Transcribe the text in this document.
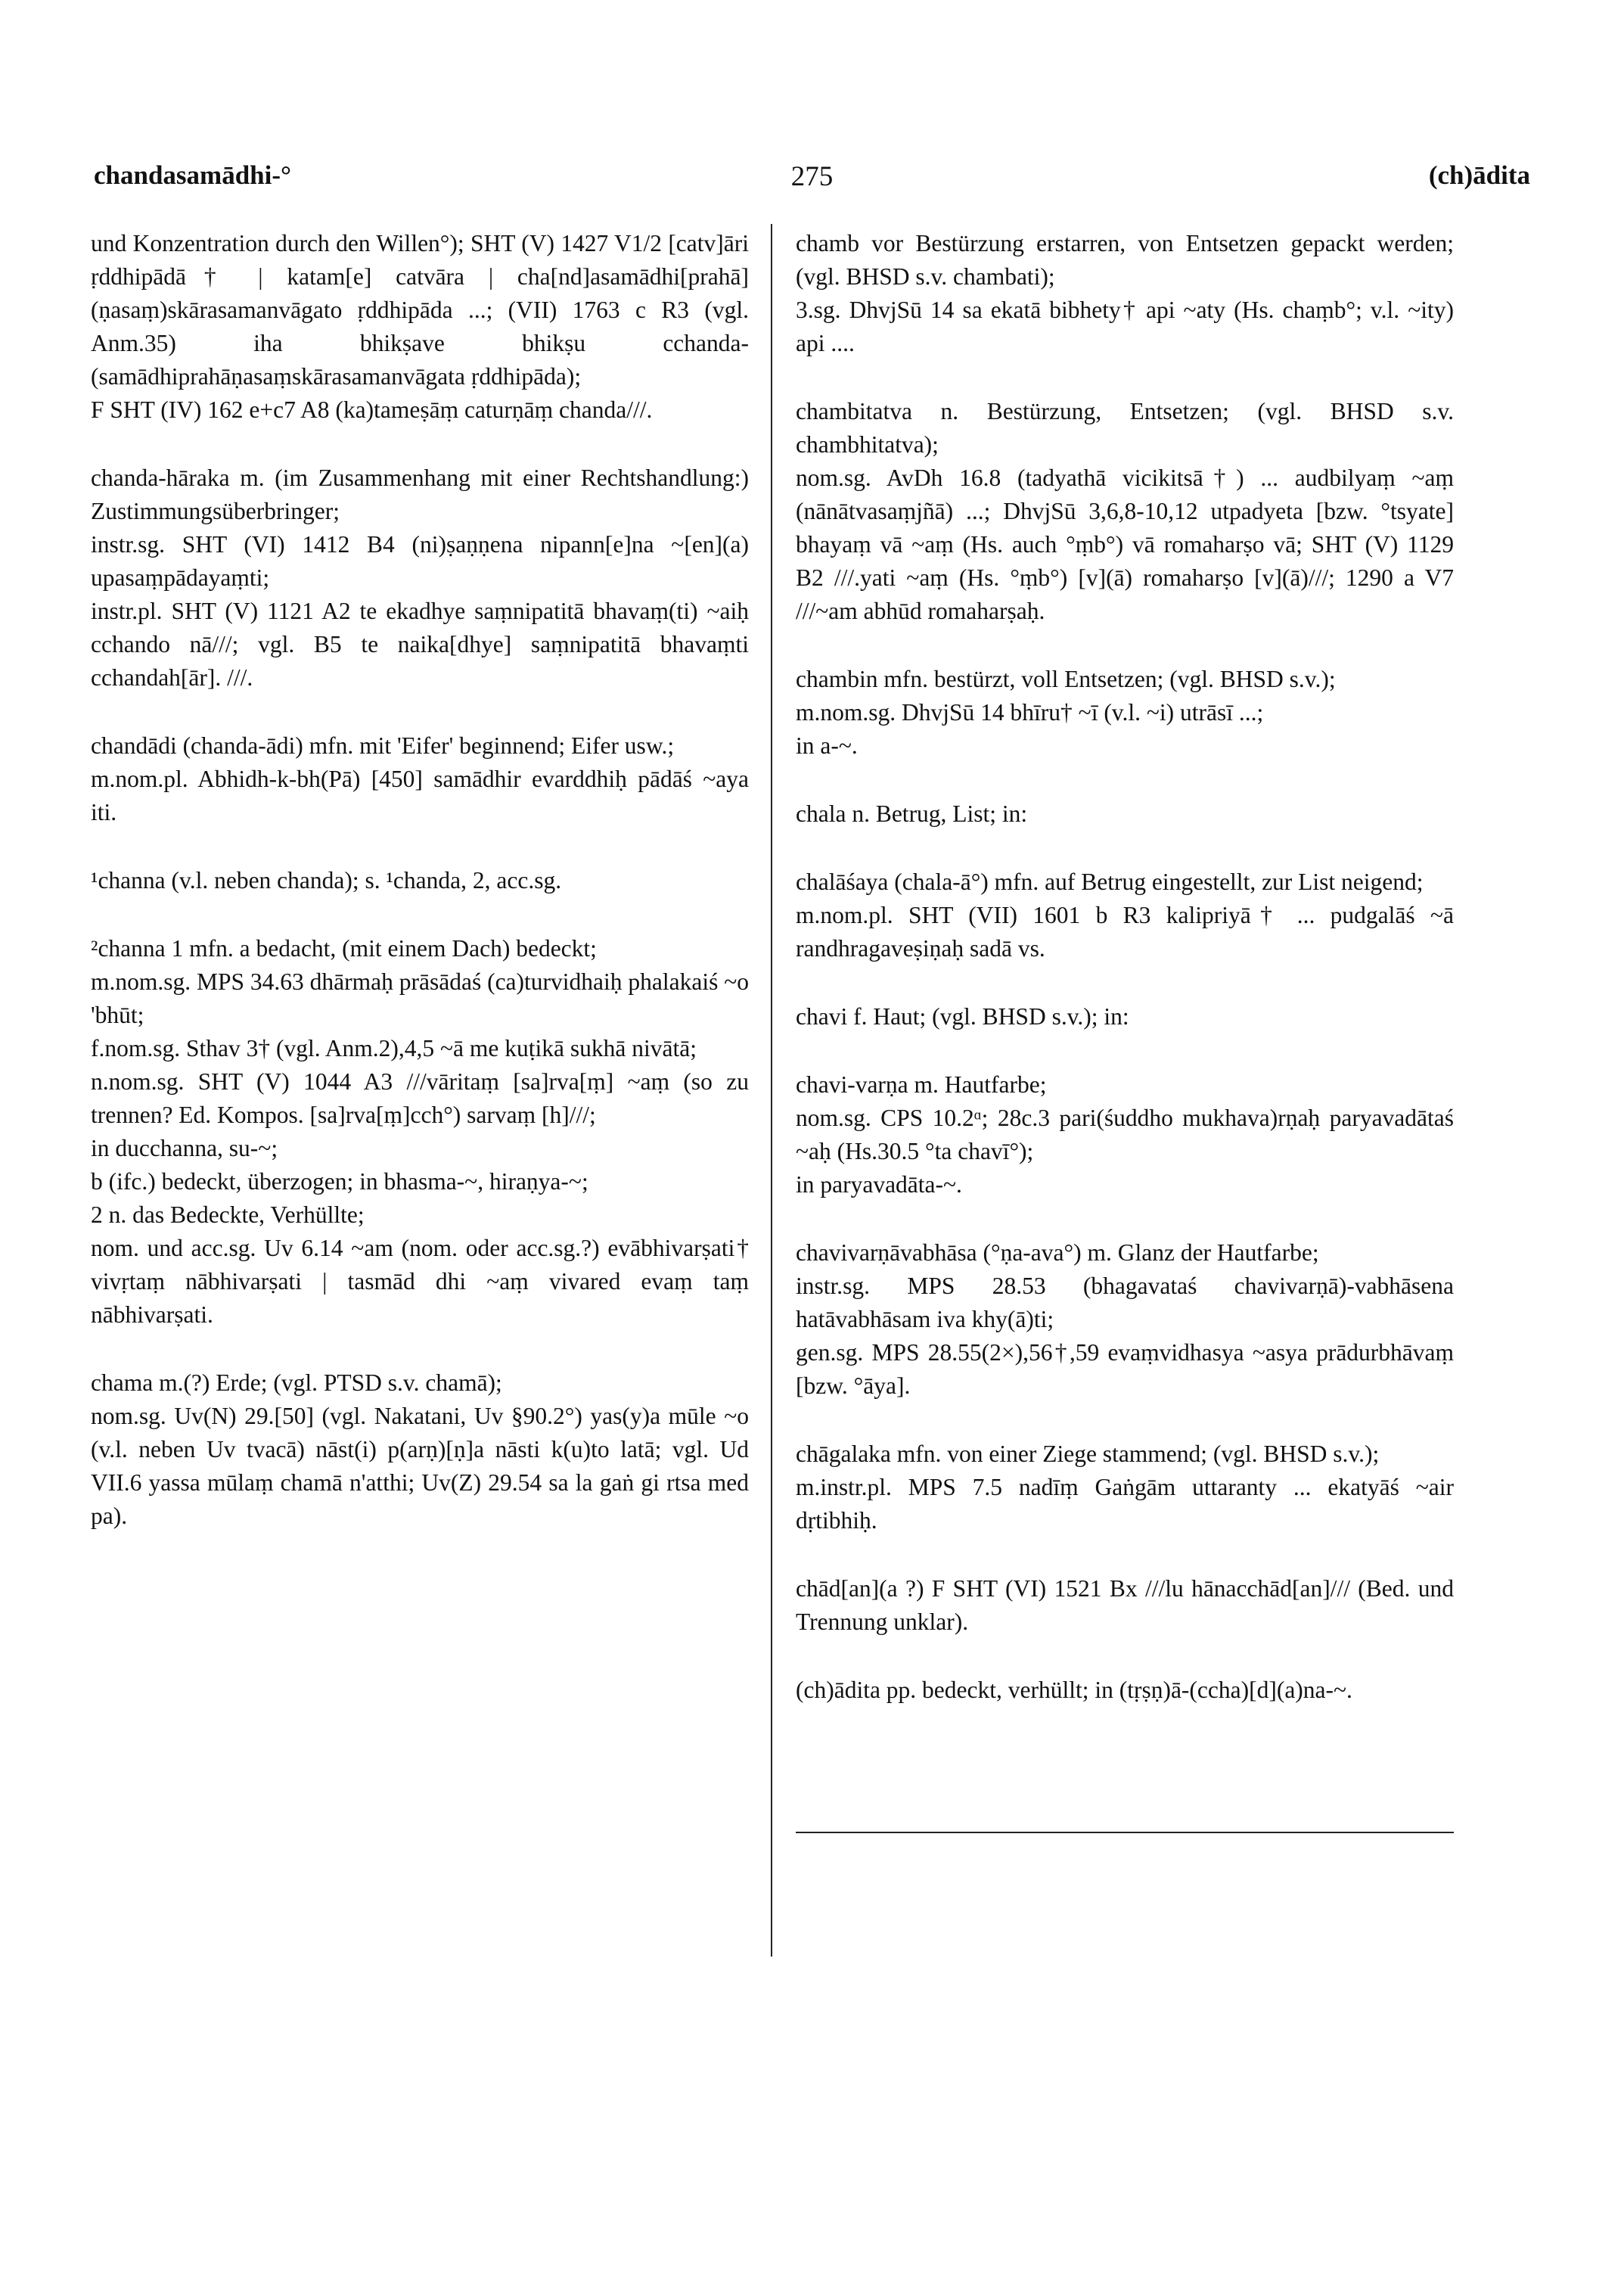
chandasamādhi-°	275	(ch)ādita

und Konzentration durch den Willen°); SHT (V) 1427 V1/2 [catv]āri ṛddhipādā† | katam[e] catvāra | cha[nd]asamādhi[prahā](ṇasaṃ)skārasamanvāgato ṛddhipāda ...; (VII) 1763 c R3 (vgl. Anm.35) iha bhikṣave bhikṣu cchanda-(samādhiprahāṇasaṃskārasamanvāgata ṛddhipāda);

F SHT (IV) 162 e+c7 A8 (ka)tameṣāṃ caturṇāṃ chanda///.

chanda-hāraka m. (im Zusammenhang mit einer Rechtshandlung:) Zustimmungsüberbringer;

instr.sg. SHT (VI) 1412 B4 (ni)ṣaṇṇena nipann[e]na ~[en](a) upasaṃpādayaṃti;

instr.pl. SHT (V) 1121 A2 te ekadhye saṃnipatitā bhavaṃ(ti) ~aiḥ cchando nā///; vgl. B5 te naika[dhye] saṃnipatitā bhavaṃti cchandah[ār]. ///.

chandādi (chanda-ādi) mfn. mit 'Eifer' beginnend; Eifer usw.;

m.nom.pl. Abhidh-k-bh(Pā) [450] samādhir evarddhiḥ pādāś ~aya iti.

¹channa (v.l. neben chanda); s. ¹chanda, 2, acc.sg.

²channa 1 mfn. a bedacht, (mit einem Dach) bedeckt;

m.nom.sg. MPS 34.63 dhārmaḥ prāsādaś (ca)turvidhaiḥ phalakaiś ~o 'bhūt;

f.nom.sg. Sthav 3† (vgl. Anm.2),4,5 ~ā me kuṭikā sukhā nivātā;

n.nom.sg. SHT (V) 1044 A3 ///vāritaṃ [sa]rva[ṃ] ~aṃ (so zu trennen? Ed. Kompos. [sa]rva[ṃ]cch°) sarvaṃ [h]///;

in ducchanna, su-~;

b (ifc.) bedeckt, überzogen; in bhasma-~, hiraṇya-~;

2 n. das Bedeckte, Verhüllte;

nom. und acc.sg. Uv 6.14 ~am (nom. oder acc.sg.?) evābhivarṣati† vivṛtaṃ nābhivarṣati | tasmād dhi ~aṃ vivared evaṃ taṃ nābhivarṣati.

chama m.(?) Erde; (vgl. PTSD s.v. chamā);

nom.sg. Uv(N) 29.[50] (vgl. Nakatani, Uv §90.2°) yas(y)a mūle ~o (v.l. neben Uv tvacā) nāst(i) p(arṇ)[ṇ]a nāsti k(u)to latā; vgl. Ud VII.6 yassa mūlaṃ chamā n'atthi; Uv(Z) 29.54 sa la gaṅ gi rtsa med pa).

chamb vor Bestürzung erstarren, von Entsetzen gepackt werden; (vgl. BHSD s.v. chambati);

3.sg. DhvjSū 14 sa ekatā bibhety† api ~aty (Hs. chaṃb°; v.l. ~ity) api ....

chambitatva n. Bestürzung, Entsetzen; (vgl. BHSD s.v. chambhitatva);

nom.sg. AvDh 16.8 (tadyathā vicikitsā†) ... audbilyaṃ ~aṃ (nānātvasaṃjñā) ...; DhvjSū 3,6,8-10,12 utpadyeta [bzw. °tsyate] bhayaṃ vā ~aṃ (Hs. auch °ṃb°) vā romaharṣo vā; SHT (V) 1129 B2 ///.yati ~aṃ (Hs. °ṃb°) [v](ā) romaharṣo [v](ā)///; 1290 a V7 ///~am abhūd romaharṣaḥ.

chambin mfn. bestürzt, voll Entsetzen; (vgl. BHSD s.v.);

m.nom.sg. DhvjSū 14 bhīru† ~ī (v.l. ~i) utrāsī ...;

in a-~.

chala n. Betrug, List; in:

chalāśaya (chala-ā°) mfn. auf Betrug eingestellt, zur List neigend;

m.nom.pl. SHT (VII) 1601 b R3 kalipriyā† ... pudgalāś ~ā randhragaveṣiṇaḥ sadā vs.

chavi f. Haut; (vgl. BHSD s.v.); in:

chavi-varṇa m. Hautfarbe;

nom.sg. CPS 10.2ᵅ; 28c.3 pari(śuddho mukhava)rṇaḥ paryavadātaś ~aḥ (Hs.30.5 °ta chavī°);

in paryavadāta-~.

chavivarṇāvabhāsa (°ṇa-ava°) m. Glanz der Hautfarbe;

instr.sg. MPS 28.53 (bhagavataś chavivarṇā)-vabhāsena hatāvabhāsam iva khy(ā)ti;

gen.sg. MPS 28.55(2×),56†,59 evaṃvidhasya ~asya prādurbhāvaṃ [bzw. °āya].

chāgalaka mfn. von einer Ziege stammend; (vgl. BHSD s.v.);

m.instr.pl. MPS 7.5 nadīṃ Gaṅgām uttaranty ... ekatyāś ~air dṛtibhiḥ.

chād[an](a ?) F SHT (VI) 1521 Bx ///lu hānacchād[an]/// (Bed. und Trennung unklar).

(ch)ādita pp. bedeckt, verhüllt; in (tṛṣṇ)ā-(ccha)[d](a)na-~.
